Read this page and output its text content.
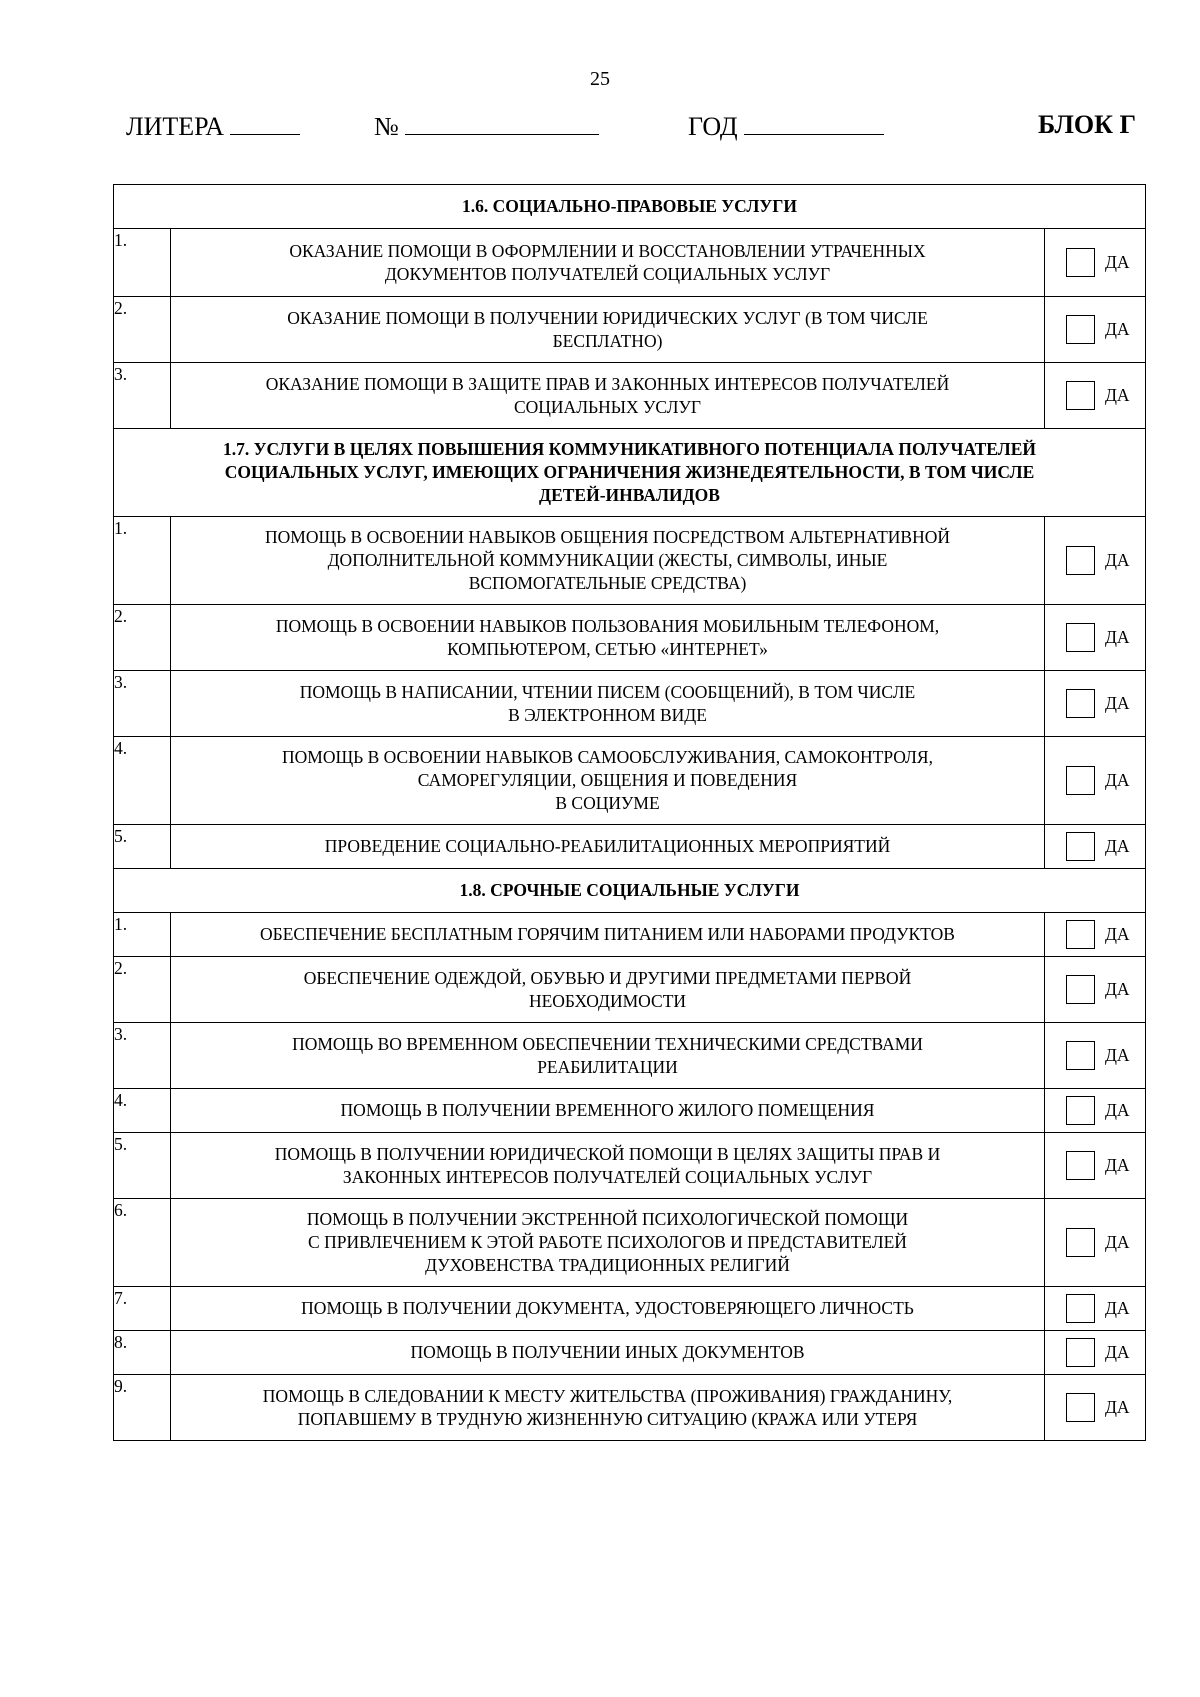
25
ЛИТЕРА	№	ГОД	БЛОК Г
1.6. СОЦИАЛЬНО-ПРАВОВЫЕ УСЛУГИ		
1.	ОКАЗАНИЕ ПОМОЩИ В ОФОРМЛЕНИИ И ВОССТАНОВЛЕНИИ УТРАЧЕННЫХ
ДОКУМЕНТОВ ПОЛУЧАТЕЛЕЙ СОЦИАЛЬНЫХ УСЛУГ	ДА

2.	ОКАЗАНИЕ ПОМОЩИ В ПОЛУЧЕНИИ ЮРИДИЧЕСКИХ УСЛУГ (В ТОМ ЧИСЛЕ
БЕСПЛАТНО)	ДА

3.	ОКАЗАНИЕ ПОМОЩИ В ЗАЩИТЕ ПРАВ И ЗАКОННЫХ ИНТЕРЕСОВ ПОЛУЧАТЕЛЕЙ
СОЦИАЛЬНЫХ УСЛУГ	ДА

1.7. УСЛУГИ В ЦЕЛЯХ ПОВЫШЕНИЯ КОММУНИКАТИВНОГО ПОТЕНЦИАЛА ПОЛУЧАТЕЛЕЙ
СОЦИАЛЬНЫХ УСЛУГ, ИМЕЮЩИХ ОГРАНИЧЕНИЯ ЖИЗНЕДЕЯТЕЛЬНОСТИ, В ТОМ ЧИСЛЕ
ДЕТЕЙ-ИНВАЛИДОВ		
1.	ПОМОЩЬ В ОСВОЕНИИ НАВЫКОВ ОБЩЕНИЯ ПОСРЕДСТВОМ АЛЬТЕРНАТИВНОЙ
ДОПОЛНИТЕЛЬНОЙ КОММУНИКАЦИИ (ЖЕСТЫ, СИМВОЛЫ, ИНЫЕ
ВСПОМОГАТЕЛЬНЫЕ СРЕДСТВА)	ДА

2.	ПОМОЩЬ В ОСВОЕНИИ НАВЫКОВ ПОЛЬЗОВАНИЯ МОБИЛЬНЫМ ТЕЛЕФОНОМ,
КОМПЬЮТЕРОМ, СЕТЬЮ «ИНТЕРНЕТ»	ДА

3.	ПОМОЩЬ В НАПИСАНИИ, ЧТЕНИИ ПИСЕМ (СООБЩЕНИЙ), В ТОМ ЧИСЛЕ
В ЭЛЕКТРОННОМ ВИДЕ	ДА

4.	ПОМОЩЬ В ОСВОЕНИИ НАВЫКОВ САМООБСЛУЖИВАНИЯ, САМОКОНТРОЛЯ,
САМОРЕГУЛЯЦИИ, ОБЩЕНИЯ И ПОВЕДЕНИЯ
В СОЦИУМЕ	ДА

5.	ПРОВЕДЕНИЕ СОЦИАЛЬНО-РЕАБИЛИТАЦИОННЫХ МЕРОПРИЯТИЙ	ДА

1.8. СРОЧНЫЕ СОЦИАЛЬНЫЕ УСЛУГИ		
1.	ОБЕСПЕЧЕНИЕ БЕСПЛАТНЫМ ГОРЯЧИМ ПИТАНИЕМ ИЛИ НАБОРАМИ ПРОДУКТОВ	ДА

2.	ОБЕСПЕЧЕНИЕ ОДЕЖДОЙ, ОБУВЬЮ И ДРУГИМИ ПРЕДМЕТАМИ ПЕРВОЙ
НЕОБХОДИМОСТИ	ДА

3.	ПОМОЩЬ ВО ВРЕМЕННОМ ОБЕСПЕЧЕНИИ ТЕХНИЧЕСКИМИ СРЕДСТВАМИ
РЕАБИЛИТАЦИИ	ДА

4.	ПОМОЩЬ В ПОЛУЧЕНИИ ВРЕМЕННОГО ЖИЛОГО ПОМЕЩЕНИЯ	ДА

5.	ПОМОЩЬ В ПОЛУЧЕНИИ ЮРИДИЧЕСКОЙ ПОМОЩИ В ЦЕЛЯХ ЗАЩИТЫ ПРАВ И
ЗАКОННЫХ ИНТЕРЕСОВ ПОЛУЧАТЕЛЕЙ СОЦИАЛЬНЫХ УСЛУГ	ДА

6.	ПОМОЩЬ В ПОЛУЧЕНИИ ЭКСТРЕННОЙ ПСИХОЛОГИЧЕСКОЙ ПОМОЩИ
С ПРИВЛЕЧЕНИЕМ К ЭТОЙ РАБОТЕ ПСИХОЛОГОВ И ПРЕДСТАВИТЕЛЕЙ
ДУХОВЕНСТВА ТРАДИЦИОННЫХ РЕЛИГИЙ	ДА

7.	ПОМОЩЬ В ПОЛУЧЕНИИ ДОКУМЕНТА, УДОСТОВЕРЯЮЩЕГО ЛИЧНОСТЬ	ДА

8.	ПОМОЩЬ В ПОЛУЧЕНИИ ИНЫХ ДОКУМЕНТОВ	ДА

9.	ПОМОЩЬ В СЛЕДОВАНИИ К МЕСТУ ЖИТЕЛЬСТВА (ПРОЖИВАНИЯ) ГРАЖДАНИНУ,
ПОПАВШЕМУ В ТРУДНУЮ ЖИЗНЕННУЮ СИТУАЦИЮ (КРАЖА ИЛИ УТЕРЯ	ДА
